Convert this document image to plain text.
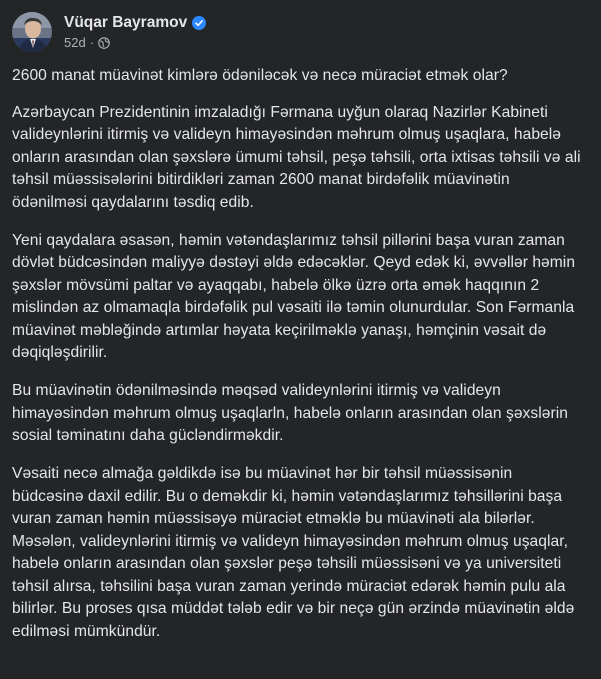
Vüqar Bayramov
52d ·

2600 manat müavinət kimlərə ödəniləcək və necə müraciət etmək olar?

Azərbaycan Prezidentinin imzaladığı Fərmana uyğun olaraq Nazirlər Kabineti valideynlərini itirmiş və valideyn himayəsindən məhrum olmuş uşaqlara, habelə onların arasından olan şəxslərə ümumi təhsil, peşə təhsili, orta ixtisas təhsili və ali təhsil müəssisələrini bitirdikləri zaman 2600 manat birdəfəlik müavinətin ödənilməsi qaydalarını təsdiq edib.

Yeni qaydalara əsasən, həmin vətəndaşlarımız təhsil pillərini başa vuran zaman dövlət büdcəsindən maliyyə dəstəyi əldə edəcəklər. Qeyd edək ki, əvvəllər həmin şəxslər mövsümi paltar və ayaqqabı, habelə ölkə üzrə orta əmək haqqının 2 mislindən az olmamaqla birdəfəlik pul vəsaiti ilə təmin olunurdular. Son Fərmanla müavinət məbləğində artımlar həyata keçirilməklə yanaşı, həmçinin vəsait də dəqiqləşdirilir.

Bu müavinətin ödənilməsində məqsəd valideynlərini itirmiş və valideyn himayəsindən məhrum olmuş uşaqlarln, habelə onların arasından olan şəxslərin sosial təminatını daha gücləndirməkdir.

Vəsaiti necə almağa gəldikdə isə bu müavinət hər bir təhsil müəssisənin büdcəsinə daxil edilir. Bu o deməkdir ki, həmin vətəndaşlarımız təhsillərini başa vuran zaman həmin müəssisəyə müraciət etməklə bu müavinəti ala bilərlər. Məsələn, valideynlərini itirmiş və valideyn himayəsindən məhrum olmuş uşaqlar, habelə onların arasından olan şəxslər peşə təhsili müəssisəni və ya universiteti təhsil alırsa, təhsilini başa vuran zaman yerində müraciət edərək həmin pulu ala bilirlər. Bu proses qısa müddət tələb edir və bir neçə gün ərzində müavinətin əldə edilməsi mümkündür.
